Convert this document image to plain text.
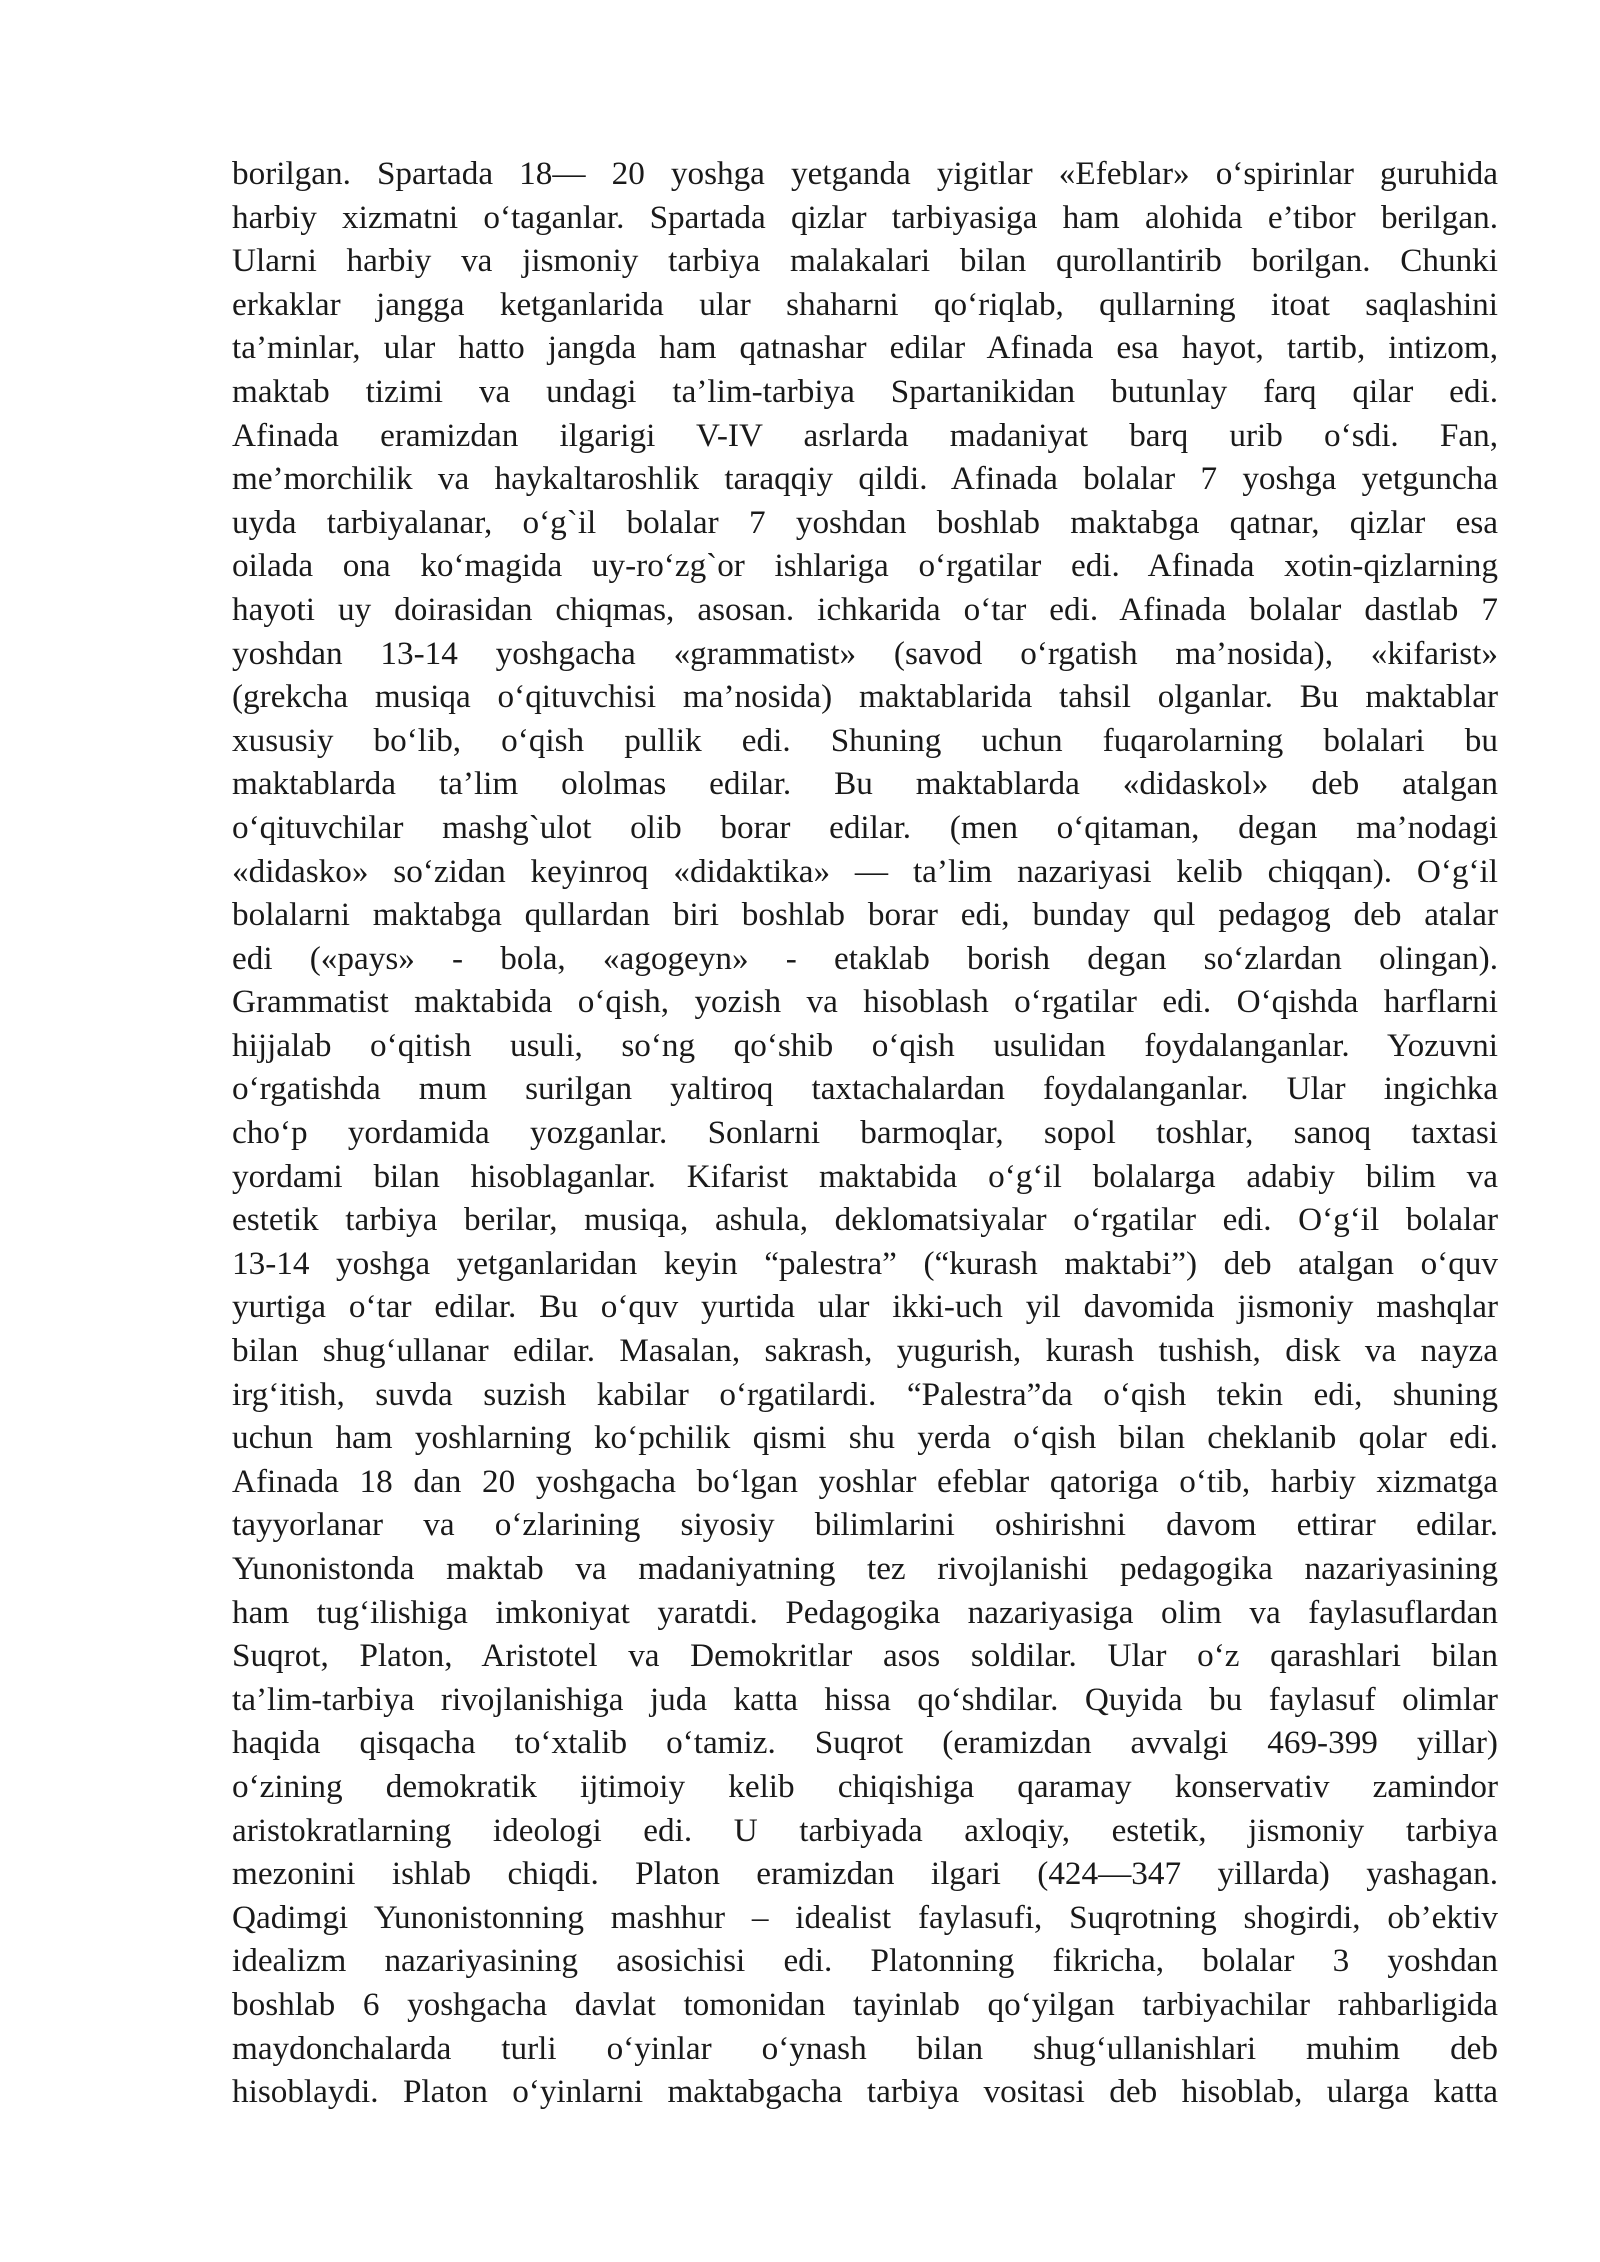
borilgan. Spartada 18— 20 yoshga yetganda yigitlar «Efeblar» o‘spirinlar guruhida
harbiy xizmatni o‘taganlar. Spartada qizlar tarbiyasiga ham alohida e’tibor berilgan.
Ularni harbiy va jismoniy tarbiya malakalari bilan qurollantirib borilgan. Chunki
erkaklar jangga ketganlarida ular shaharni qo‘riqlab, qullarning itoat saqlashini
ta’minlar, ular hatto jangda ham qatnashar edilar Afinada esa hayot, tartib, intizom,
maktab tizimi va undagi ta’lim-tarbiya Spartanikidan butunlay farq qilar edi.
Afinada eramizdan ilgarigi V-IV asrlarda madaniyat barq urib o‘sdi. Fan,
me’morchilik va haykaltaroshlik taraqqiy qildi. Afinada bolalar 7 yoshga yetguncha
uyda tarbiyalanar, o‘g`il bolalar 7 yoshdan boshlab maktabga qatnar, qizlar esa
oilada ona ko‘magida uy-ro‘zg`or ishlariga o‘rgatilar edi. Afinada xotin-qizlarning
hayoti uy doirasidan chiqmas, asosan. ichkarida o‘tar edi. Afinada bolalar dastlab 7
yoshdan 13-14 yoshgacha «grammatist» (savod o‘rgatish ma’nosida), «kifarist»
(grekcha musiqa o‘qituvchisi ma’nosida) maktablarida tahsil olganlar. Bu maktablar
xususiy bo‘lib, o‘qish pullik edi. Shuning uchun fuqarolarning bolalari bu
maktablarda ta’lim ololmas edilar. Bu maktablarda «didaskol» deb atalgan
o‘qituvchilar mashg`ulot olib borar edilar. (men o‘qitaman, degan ma’nodagi
«didasko» so‘zidan keyinroq «didaktika» — ta’lim nazariyasi kelib chiqqan). O‘g‘il
bolalarni maktabga qullardan biri boshlab borar edi, bunday qul pedagog deb atalar
edi («pays» - bola, «agogeyn» - etaklab borish degan so‘zlardan olingan).
Grammatist maktabida o‘qish, yozish va hisoblash o‘rgatilar edi. O‘qishda harflarni
hijjalab o‘qitish usuli, so‘ng qo‘shib o‘qish usulidan foydalanganlar. Yozuvni
o‘rgatishda mum surilgan yaltiroq taxtachalardan foydalanganlar. Ular ingichka
cho‘p yordamida yozganlar. Sonlarni barmoqlar, sopol toshlar, sanoq taxtasi
yordami bilan hisoblaganlar. Kifarist maktabida o‘g‘il bolalarga adabiy bilim va
estetik tarbiya berilar, musiqa, ashula, deklomatsiyalar o‘rgatilar edi. O‘g‘il bolalar
13-14 yoshga yetganlaridan keyin “palestra” (“kurash maktabi”) deb atalgan o‘quv
yurtiga o‘tar edilar. Bu o‘quv yurtida ular ikki-uch yil davomida jismoniy mashqlar
bilan shug‘ullanar edilar. Masalan, sakrash, yugurish, kurash tushish, disk va nayza
irg‘itish, suvda suzish kabilar o‘rgatilardi. “Palestra”da o‘qish tekin edi, shuning
uchun ham yoshlarning ko‘pchilik qismi shu yerda o‘qish bilan cheklanib qolar edi.
Afinada 18 dan 20 yoshgacha bo‘lgan yoshlar efeblar qatoriga o‘tib, harbiy xizmatga
tayyorlanar va o‘zlarining siyosiy bilimlarini oshirishni davom ettirar edilar.
Yunonistonda maktab va madaniyatning tez rivojlanishi pedagogika nazariyasining
ham tug‘ilishiga imkoniyat yaratdi. Pedagogika nazariyasiga olim va faylasuflardan
Suqrot, Platon, Aristotel va Demokritlar asos soldilar. Ular o‘z qarashlari bilan
ta’lim-tarbiya rivojlanishiga juda katta hissa qo‘shdilar. Quyida bu faylasuf olimlar
haqida qisqacha to‘xtalib o‘tamiz. Suqrot (eramizdan avvalgi 469-399 yillar)
o‘zining demokratik ijtimoiy kelib chiqishiga qaramay konservativ zamindor
aristokratlarning ideologi edi. U tarbiyada axloqiy, estetik, jismoniy tarbiya
mezonini ishlab chiqdi. Platon eramizdan ilgari (424—347 yillarda) yashagan.
Qadimgi Yunonistonning mashhur – idealist faylasufi, Suqrotning shogirdi, ob’ektiv
idealizm nazariyasining asosichisi edi. Platonning fikricha, bolalar 3 yoshdan
boshlab 6 yoshgacha davlat tomonidan tayinlab qo‘yilgan tarbiyachilar rahbarligida
maydonchalarda turli o‘yinlar o‘ynash bilan shug‘ullanishlari muhim deb
hisoblaydi. Platon o‘yinlarni maktabgacha tarbiya vositasi deb hisoblab, ularga katta
